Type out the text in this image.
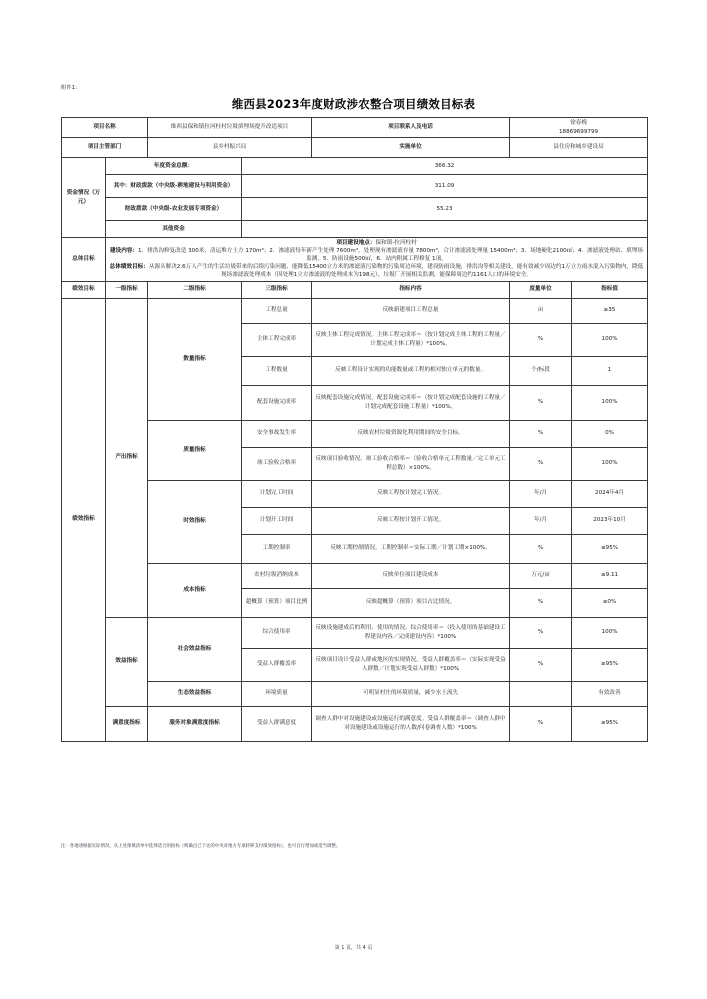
附件1:
维西县2023年度财政涉农整合项目绩效目标表
项目名称		维西县保和镇拉河柱村垃圾填埋场提升改造项目		项目联系人及电话	徐春梅
18869699799	

项目主管部门		县乡村振兴局		实施单位	县住房和城乡建设局	
资金情况（万元）	年度资金总额：		366.32			
	其中：财政拨款（中央级-耕地建设与利用资金）		311.09			
	财政拨款（中央级-农业发展专项资金）		55.23			
	其他资金					
总体目标	项目建设地点：保和镇-拉河柱村
建设内容：1．排洪沟修复改造 300米，清运堆方土方 170m³；2．渗滤液每年新产生处理 7600m³，处理现有渗滤液存量 7800m³，合计渗滤液处理量 15400m³；3．场地硬化2100㎡；4．渗滤液处理站、填埋场监测，5．防雨设施500㎡，6．站内附属工程修复 1项。
总体绩效目标：从源头解决2.6万人产生的生活垃圾带来的后续污染问题，能降低15400立方米的渗滤液污染物的污染周边环境，建设防雨设施，排洪沟等相关建设，能有效减少周边约1万立方雨水混入污染物内，降低现场渗滤液处理成本（因处理1立方渗滤液的处理成本为198元），垃圾厂开展相关监测，能保障周边约1161人口的环境安全。					

绩效目标	一级指标	二级指标	三级指标	指标内容	度量单位	指标值
绩效指标	产出指标	数量指标	工程总量	反映新建项目工程总量	亩	≥35
			主体工程完成率	反映主体工程完成情况。主体工程完成率＝（按计划完成主体工程的工程量／计划完成主体工程量）*100%。	%	100%
			工程数量	反映工程设计实现的功能数量或工程的相对独立单元的数量。	个/标段	1
			配套设施完成率	反映配套设施完成情况。配套设施完成率＝（按计划完成配套设施的工程量／计划完成配套设施工程量）*100%。	%	100%
		质量指标	安全事故发生率	反映农村垃圾资源化利用期间的安全目标。	%	0%
			竣工验收合格率	反映项目验收情况。竣工验收合格率＝（验收合格单元工程数量／完工单元工程总数）×100%。	%	100%
		时效指标	计划完工时间	反映工程按计划完工情况。	年/月	2024年4月
			计划开工时间	反映工程按计划开工情况。	年/月	2023年10月
			工期控制率	反映工期控制情况。工期控制率＝实际工期／计划工期×100%。	%	≤95%
		成本指标	农村垃圾消纳成本	反映单位项目建设成本	万元/亩	≤9.11
			超概算（预算）项目比例	反映超概算（预算）项目占比情况。	%	≤0%
	效益指标	社会效益指标	综合使用率	反映设施建成后的利用、使用的情况。综合使用率＝（投入使用的基础建设工程建设内容／完成建设内容）*100%	%	100%
			受益人群覆盖率	反映项目设计受益人群或地区的实现情况。受益人群覆盖率＝（实际实现受益人群数／计划实现受益人群数）*100%	%	≥95%
		生态效益指标	环境质量	可明显村庄的环境质量，减少水土流失		有效改善
	满意度指标	服务对象满意度指标	受益人群满意度	调查人群中对设施建设或设施运行的满意度。受益人群覆盖率＝（调查人群中对设施建设或设施运行的人数/问卷调查人数）*100%	%	≥95%
注：各地请根据实际情况，从上述预填清单中选择适合的指标（明确点已下达的中央对地方专项转移支付绩效指标），也可自行增加或适当调整。
第 1 页，共 4 页
